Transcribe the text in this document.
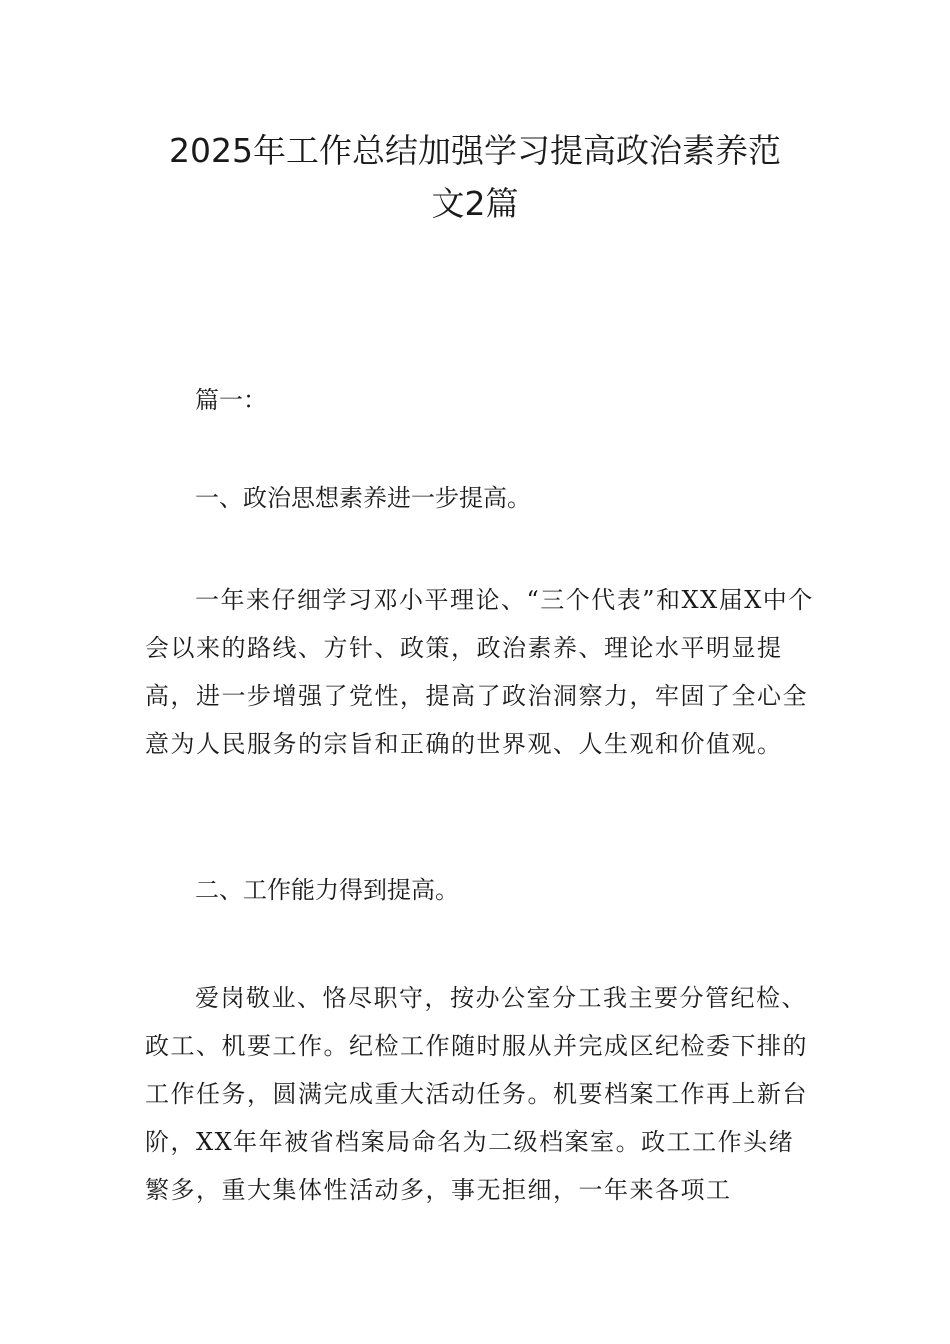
2025年工作总结加强学习提高政治素养范
文2篇

篇一：

一、政治思想素养进一步提高。

一年来仔细学习邓小平理论、“三个代表”和XX届X中个会以来的路线、方针、政策，政治素养、理论水平明显提高，进一步增强了党性，提高了政治洞察力，牢固了全心全意为人民服务的宗旨和正确的世界观、人生观和价值观。

二、工作能力得到提高。

爱岗敬业、恪尽职守，按办公室分工我主要分管纪检、政工、机要工作。纪检工作随时服从并完成区纪检委下排的工作任务，圆满完成重大活动任务。机要档案工作再上新台阶，XX年年被省档案局命名为二级档案室。政工工作头绪繁多，重大集体性活动多，事无拒细，一年来各项工
